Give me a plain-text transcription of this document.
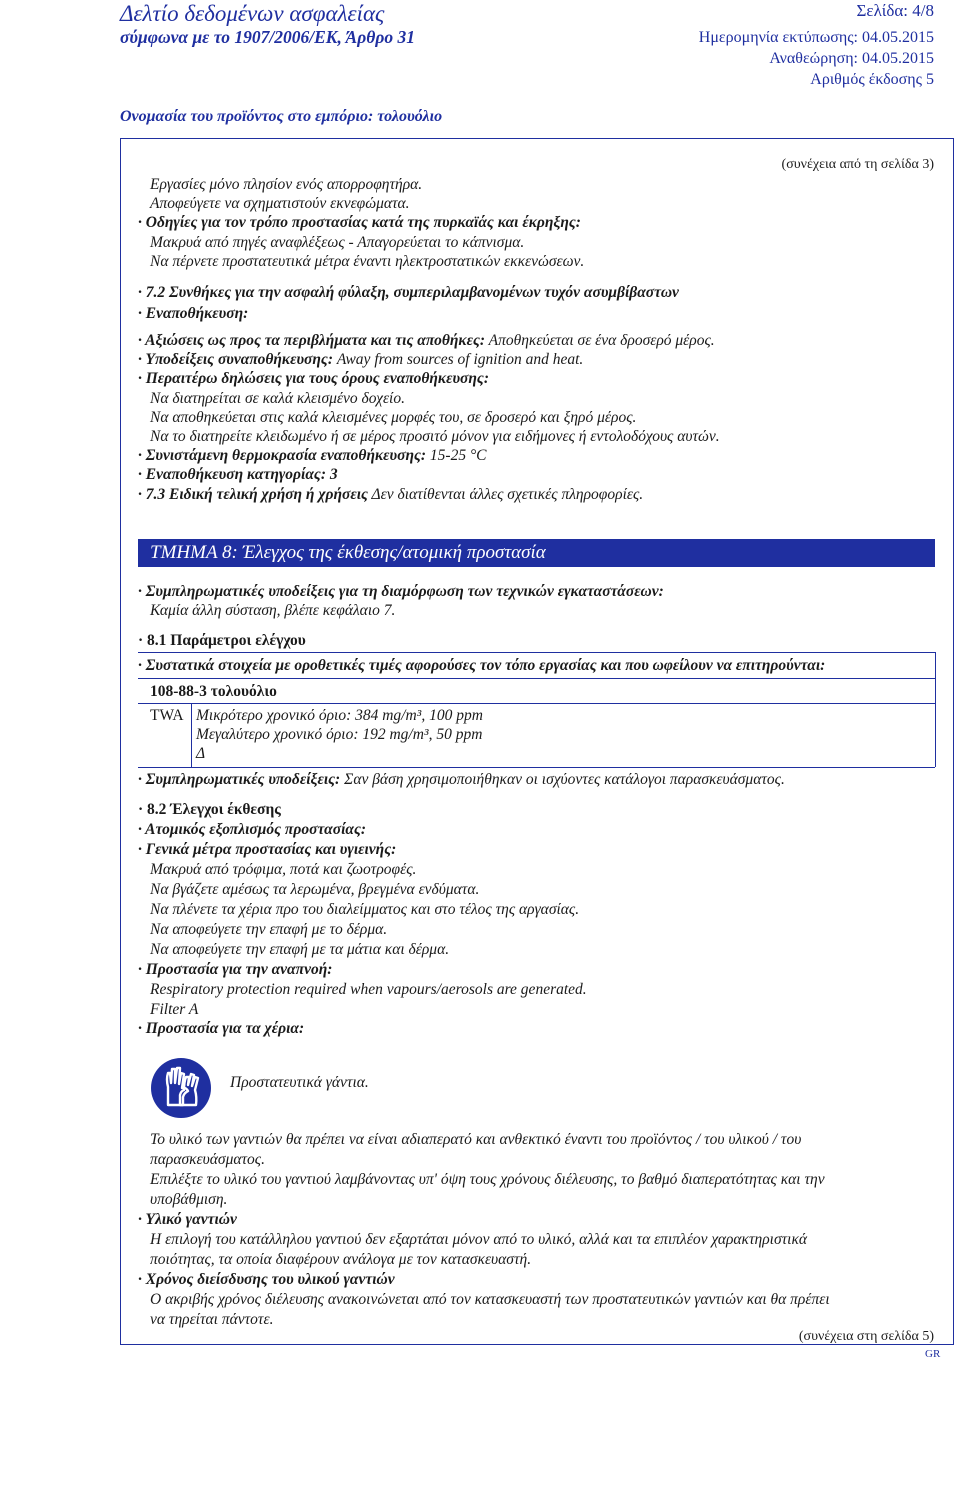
Δελτίο δεδομένων ασφαλείας
σύμφωνα με το 1907/2006/ΕΚ, Άρθρο 31
Σελίδα: 4/8
Ημερομηνία εκτύπωσης: 04.05.2015
Αναθεώρηση: 04.05.2015
Αριθμός έκδοσης 5
Ονομασία του προϊόντος στο εμπόριο: τολουόλιο
(συνέχεια από τη σελίδα 3)
Εργασίες μόνο πλησίον ενός απορροφητήρα.
Αποφεύγετε να σχηματιστούν εκνεφώματα.
· Οδηγίες για τον τρόπο προστασίας κατά της πυρκαϊάς και έκρηξης:
Μακρυά από πηγές αναφλέξεως - Απαγορεύεται το κάπνισμα.
Να πέρνετε προστατευτικά μέτρα έναντι ηλεκτροστατικών εκκενώσεων.
· 7.2 Συνθήκες για την ασφαλή φύλαξη, συμπεριλαμβανομένων τυχόν ασυμβίβαστων
· Εναποθήκευση:
· Αξιώσεις ως προς τα περιβλήματα και τις αποθήκες: Αποθηκεύεται σε ένα δροσερό μέρος.
· Υποδείξεις συναποθήκευσης: Away from sources of ignition and heat.
· Περαιτέρω δηλώσεις για τους όρους εναποθήκευσης:
Να διατηρείται σε καλά κλεισμένο δοχείο.
Να αποθηκεύεται στις καλά κλεισμένες μορφές του, σε δροσερό και ξηρό μέρος.
Να το διατηρείτε κλειδωμένο ή σε μέρος προσιτό μόνον για ειδήμονες ή εντολοδόχους αυτών.
· Συνιστάμενη θερμοκρασία εναποθήκευσης: 15-25 °C
· Εναποθήκευση κατηγορίας: 3
· 7.3 Ειδική τελική χρήση ή χρήσεις Δεν διατίθενται άλλες σχετικές πληροφορίες.
ΤΜΗΜΑ 8: Έλεγχος της έκθεσης/ατομική προστασία
· Συμπληρωματικές υποδείξεις για τη διαμόρφωση των τεχνικών εγκαταστάσεων:
Καμία άλλη σύσταση, βλέπε κεφάλαιο 7.
· 8.1 Παράμετροι ελέγχου
· Συστατικά στοιχεία με οροθετικές τιμές αφορούσες τον τόπο εργασίας και που ωφείλουν να επιτηρούνται:
108-88-3 τολουόλιο
TWA Μικρότερο χρονικό όριο: 384 mg/m³, 100 ppm
Μεγαλύτερο χρονικό όριο: 192 mg/m³, 50 ppm
Δ
· Συμπληρωματικές υποδείξεις: Σαν βάση χρησιμοποιήθηκαν οι ισχύοντες κατάλογοι παρασκευάσματος.
· 8.2 Έλεγχοι έκθεσης
· Ατομικός εξοπλισμός προστασίας:
· Γενικά μέτρα προστασίας και υγιεινής:
Μακρυά από τρόφιμα, ποτά και ζωοτροφές.
Να βγάζετε αμέσως τα λερωμένα, βρεγμένα ενδύματα.
Να πλένετε τα χέρια προ του διαλείμματος και στο τέλος της αργασίας.
Να αποφεύγετε την επαφή με το δέρμα.
Να αποφεύγετε την επαφή με τα μάτια και δέρμα.
· Προστασία για την αναπνοή:
Respiratory protection required when vapours/aerosols are generated.
Filter A
· Προστασία για τα χέρια:
Προστατευτικά γάντια.
Το υλικό των γαντιών θα πρέπει να είναι αδιαπερατό και ανθεκτικό έναντι του προϊόντος / του υλικού / του
παρασκευάσματος.
Επιλέξτε το υλικό του γαντιού λαμβάνοντας υπ' όψη τους χρόνους διέλευσης, το βαθμό διαπερατότητας και την
υποβάθμιση.
· Υλικό γαντιών
Η επιλογή του κατάλληλου γαντιού δεν εξαρτάται μόνον από το υλικό, αλλά και τα επιπλέον χαρακτηριστικά
ποιότητας, τα οποία διαφέρουν ανάλογα με τον κατασκευαστή.
· Χρόνος διείσδυσης του υλικού γαντιών
Ο ακριβής χρόνος διέλευσης ανακοινώνεται από τον κατασκευαστή των προστατευτικών γαντιών και θα πρέπει
να τηρείται πάντοτε.
(συνέχεια στη σελίδα 5)
GR
